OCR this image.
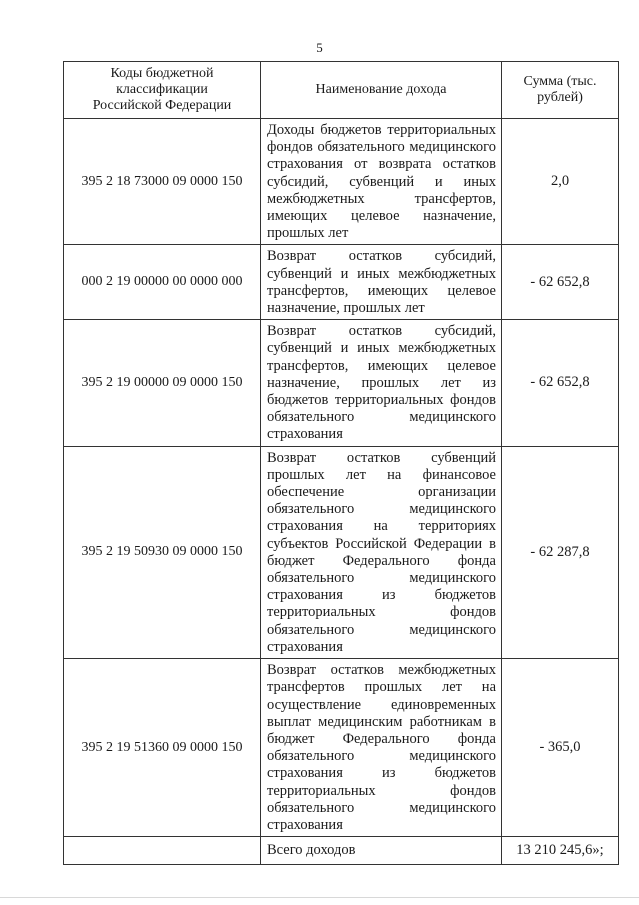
5
Коды бюджетной классификации Российской Федерации	Наименование дохода	Сумма (тыс. рублей)
395 2 18 73000 09 0000 150	Доходы бюджетов территориальных фондов обязательного медицинского страхования от возврата остатков субсидий, субвенций и иных межбюджетных трансфертов, имеющих целевое назначение, прошлых лет	2,0
000 2 19 00000 00 0000 000	Возврат остатков субсидий, субвенций и иных межбюджетных трансфертов, имеющих целевое назначение, прошлых лет	- 62 652,8
395 2 19 00000 09 0000 150	Возврат остатков субсидий, субвенций и иных межбюджетных трансфертов, имеющих целевое назначение, прошлых лет из бюджетов территориальных фондов обязательного медицинского страхования	- 62 652,8
395 2 19 50930 09 0000 150	Возврат остатков субвенций прошлых лет на финансовое обеспечение организации обязательного медицинского страхования на территориях субъектов Российской Федерации в бюджет Федерального фонда обязательного медицинского страхования из бюджетов территориальных фондов обязательного медицинского страхования	- 62 287,8
395 2 19 51360 09 0000 150	Возврат остатков межбюджетных трансфертов прошлых лет на осуществление единовременных выплат медицинским работникам в бюджет Федерального фонда обязательного медицинского страхования из бюджетов территориальных фондов обязательного медицинского страхования	- 365,0
	Всего доходов	13 210 245,6»;
